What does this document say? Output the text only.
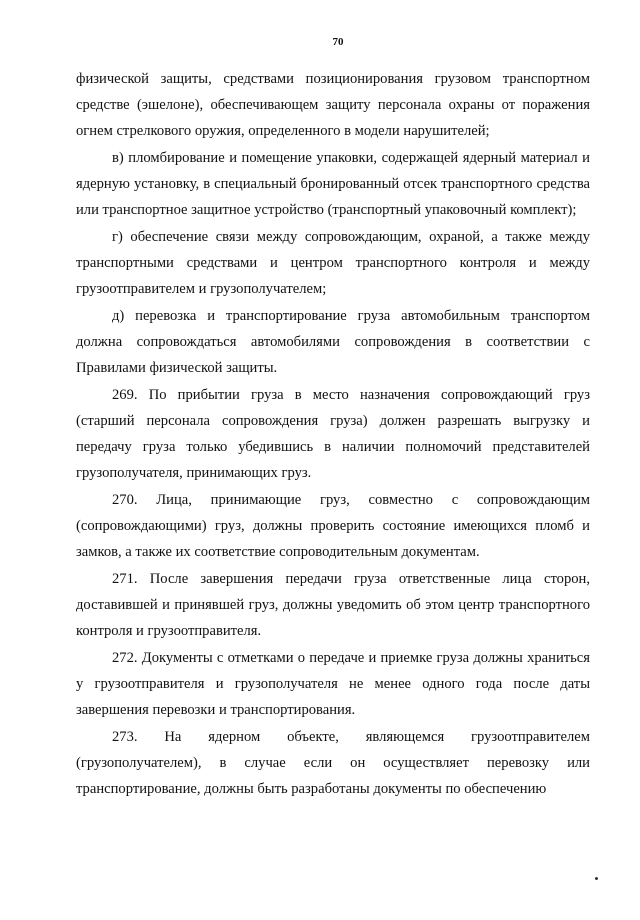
70

физической защиты, средствами позиционирования грузовом транспортном средстве (эшелоне), обеспечивающем защиту персонала охраны от поражения огнем стрелкового оружия, определенного в модели нарушителей;

в) пломбирование и помещение упаковки, содержащей ядерный материал и ядерную установку, в специальный бронированный отсек транспортного средства или транспортное защитное устройство (транспортный упаковочный комплект);

г) обеспечение связи между сопровождающим, охраной, а также между транспортными средствами и центром транспортного контроля и между грузоотправителем и грузополучателем;

д) перевозка и транспортирование груза автомобильным транспортом должна сопровождаться автомобилями сопровождения в соответствии с Правилами физической защиты.

269. По прибытии груза в место назначения сопровождающий груз (старший персонала сопровождения груза) должен разрешать выгрузку и передачу груза только убедившись в наличии полномочий представителей грузополучателя, принимающих груз.

270. Лица, принимающие груз, совместно с сопровождающим (сопровождающими) груз, должны проверить состояние имеющихся пломб и замков, а также их соответствие сопроводительным документам.

271. После завершения передачи груза ответственные лица сторон, доставившей и принявшей груз, должны уведомить об этом центр транспортного контроля и грузоотправителя.

272. Документы с отметками о передаче и приемке груза должны храниться у грузоотправителя и грузополучателя не менее одного года после даты завершения перевозки и транспортирования.

273. На ядерном объекте, являющемся грузоотправителем (грузополучателем), в случае если он осуществляет перевозку или транспортирование, должны быть разработаны документы по обеспечению
